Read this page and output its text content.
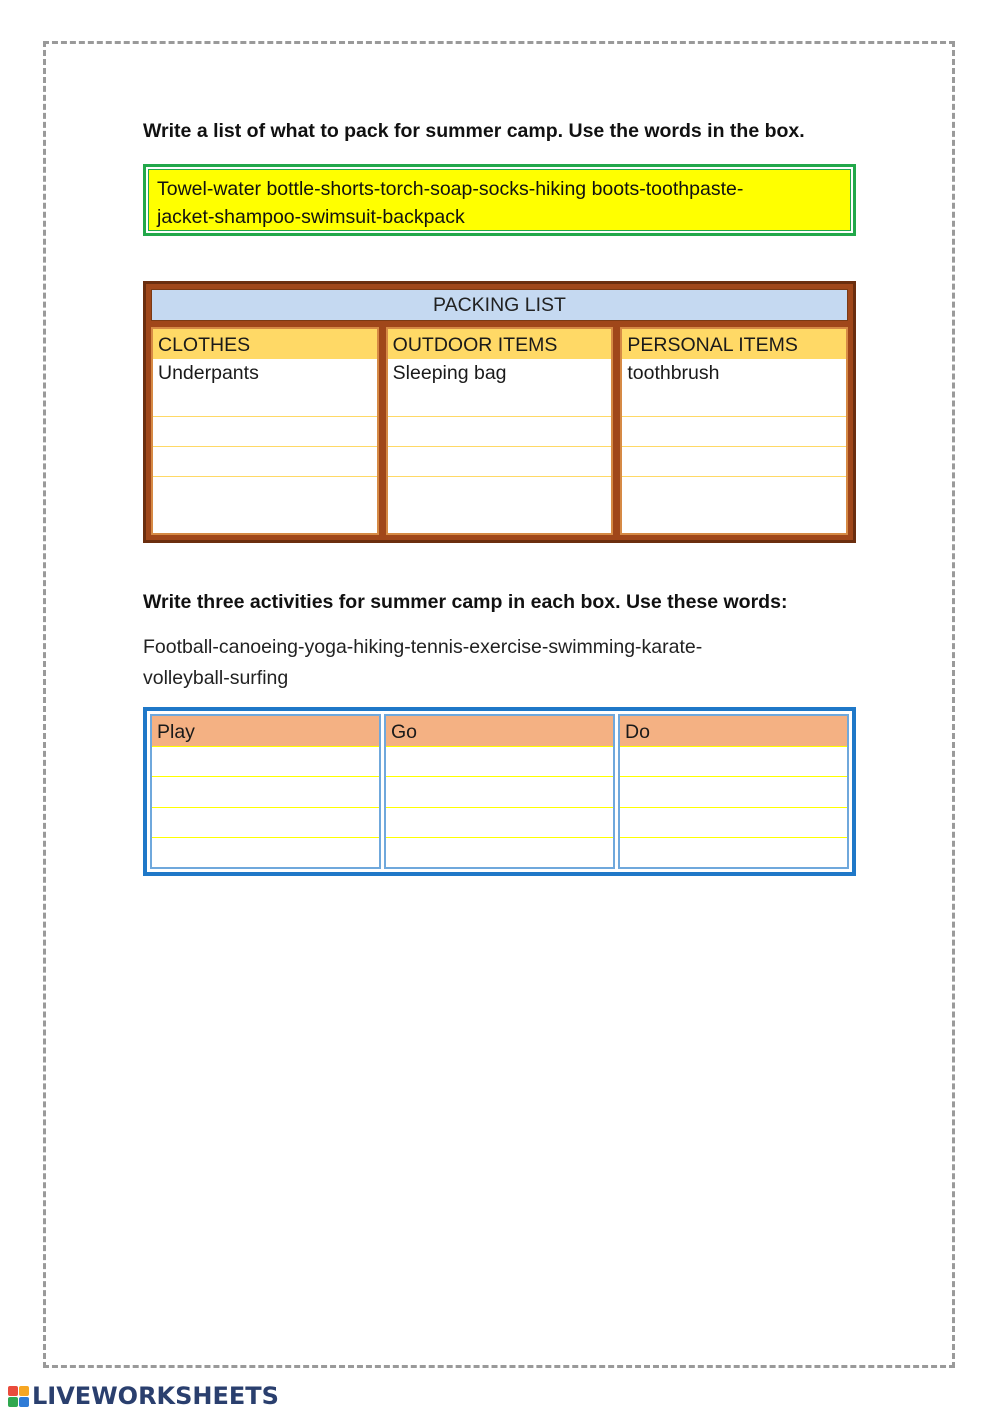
Write a list of what to pack for summer camp. Use the words in the box.
Towel-water bottle-shorts-torch-soap-socks-hiking boots-toothpaste-
jacket-shampoo-swimsuit-backpack
PACKING LIST
CLOTHES
Underpants
OUTDOOR ITEMS
Sleeping bag
PERSONAL ITEMS
toothbrush
Write three activities for summer camp in each box. Use these words:
Football-canoeing-yoga-hiking-tennis-exercise-swimming-karate-
volleyball-surfing
Play	Go	Do
LIVEWORKSHEETS
